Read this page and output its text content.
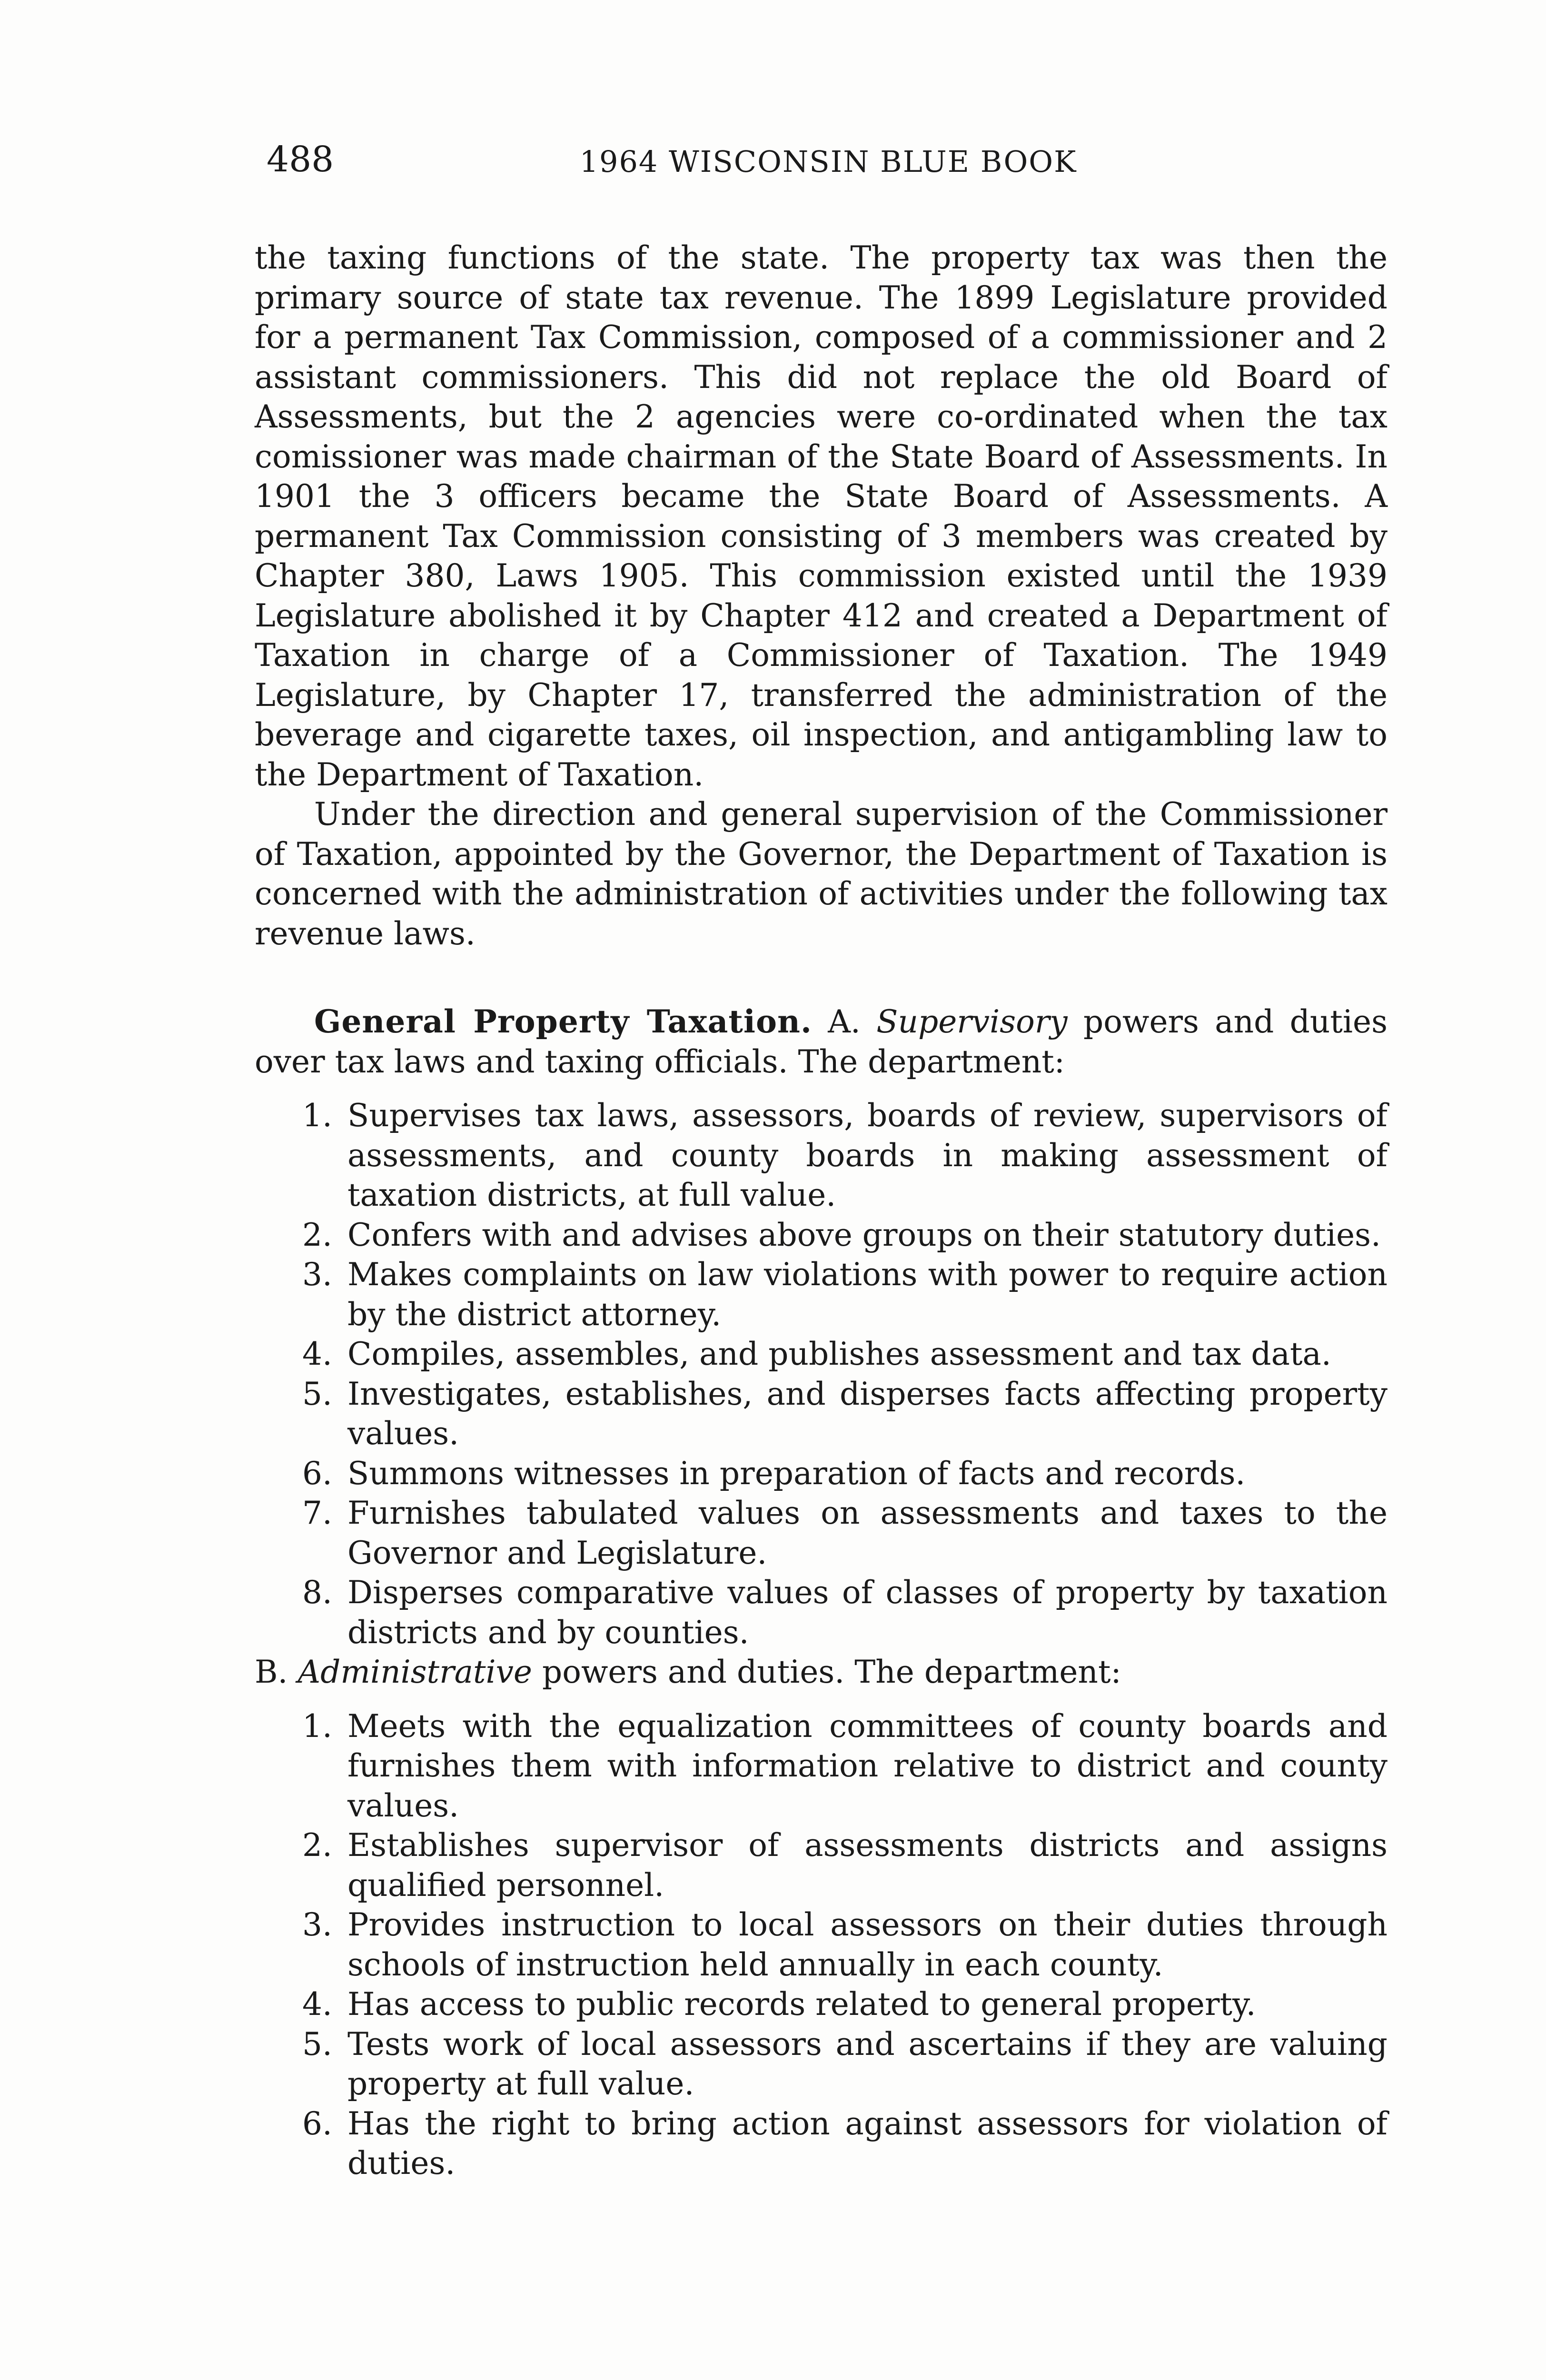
488	1964 WISCONSIN BLUE BOOK

the taxing functions of the state. The property tax was then the primary source of state tax revenue. The 1899 Legislature provided for a permanent Tax Commission, composed of a commissioner and 2 assistant commissioners. This did not replace the old Board of Assessments, but the 2 agencies were co-ordinated when the tax comissioner was made chairman of the State Board of Assessments. In 1901 the 3 officers became the State Board of Assessments. A permanent Tax Commission consisting of 3 members was created by Chapter 380, Laws 1905. This commission existed until the 1939 Legislature abolished it by Chapter 412 and created a Department of Taxation in charge of a Commissioner of Taxation. The 1949 Legislature, by Chapter 17, transferred the administration of the beverage and cigarette taxes, oil inspection, and antigambling law to the Department of Taxation.

Under the direction and general supervision of the Commissioner of Taxation, appointed by the Governor, the Department of Taxation is concerned with the administration of activities under the following tax revenue laws.

General Property Taxation. A. Supervisory powers and duties over tax laws and taxing officials. The department:

1. Supervises tax laws, assessors, boards of review, supervisors of assessments, and county boards in making assessment of taxation districts, at full value.
2. Confers with and advises above groups on their statutory duties.
3. Makes complaints on law violations with power to require action by the district attorney.
4. Compiles, assembles, and publishes assessment and tax data.
5. Investigates, establishes, and disperses facts affecting property values.
6. Summons witnesses in preparation of facts and records.
7. Furnishes tabulated values on assessments and taxes to the Governor and Legislature.
8. Disperses comparative values of classes of property by taxation districts and by counties.

B. Administrative powers and duties. The department:

1. Meets with the equalization committees of county boards and furnishes them with information relative to district and county values.
2. Establishes supervisor of assessments districts and assigns qualified personnel.
3. Provides instruction to local assessors on their duties through schools of instruction held annually in each county.
4. Has access to public records related to general property.
5. Tests work of local assessors and ascertains if they are valuing property at full value.
6. Has the right to bring action against assessors for violation of duties.
